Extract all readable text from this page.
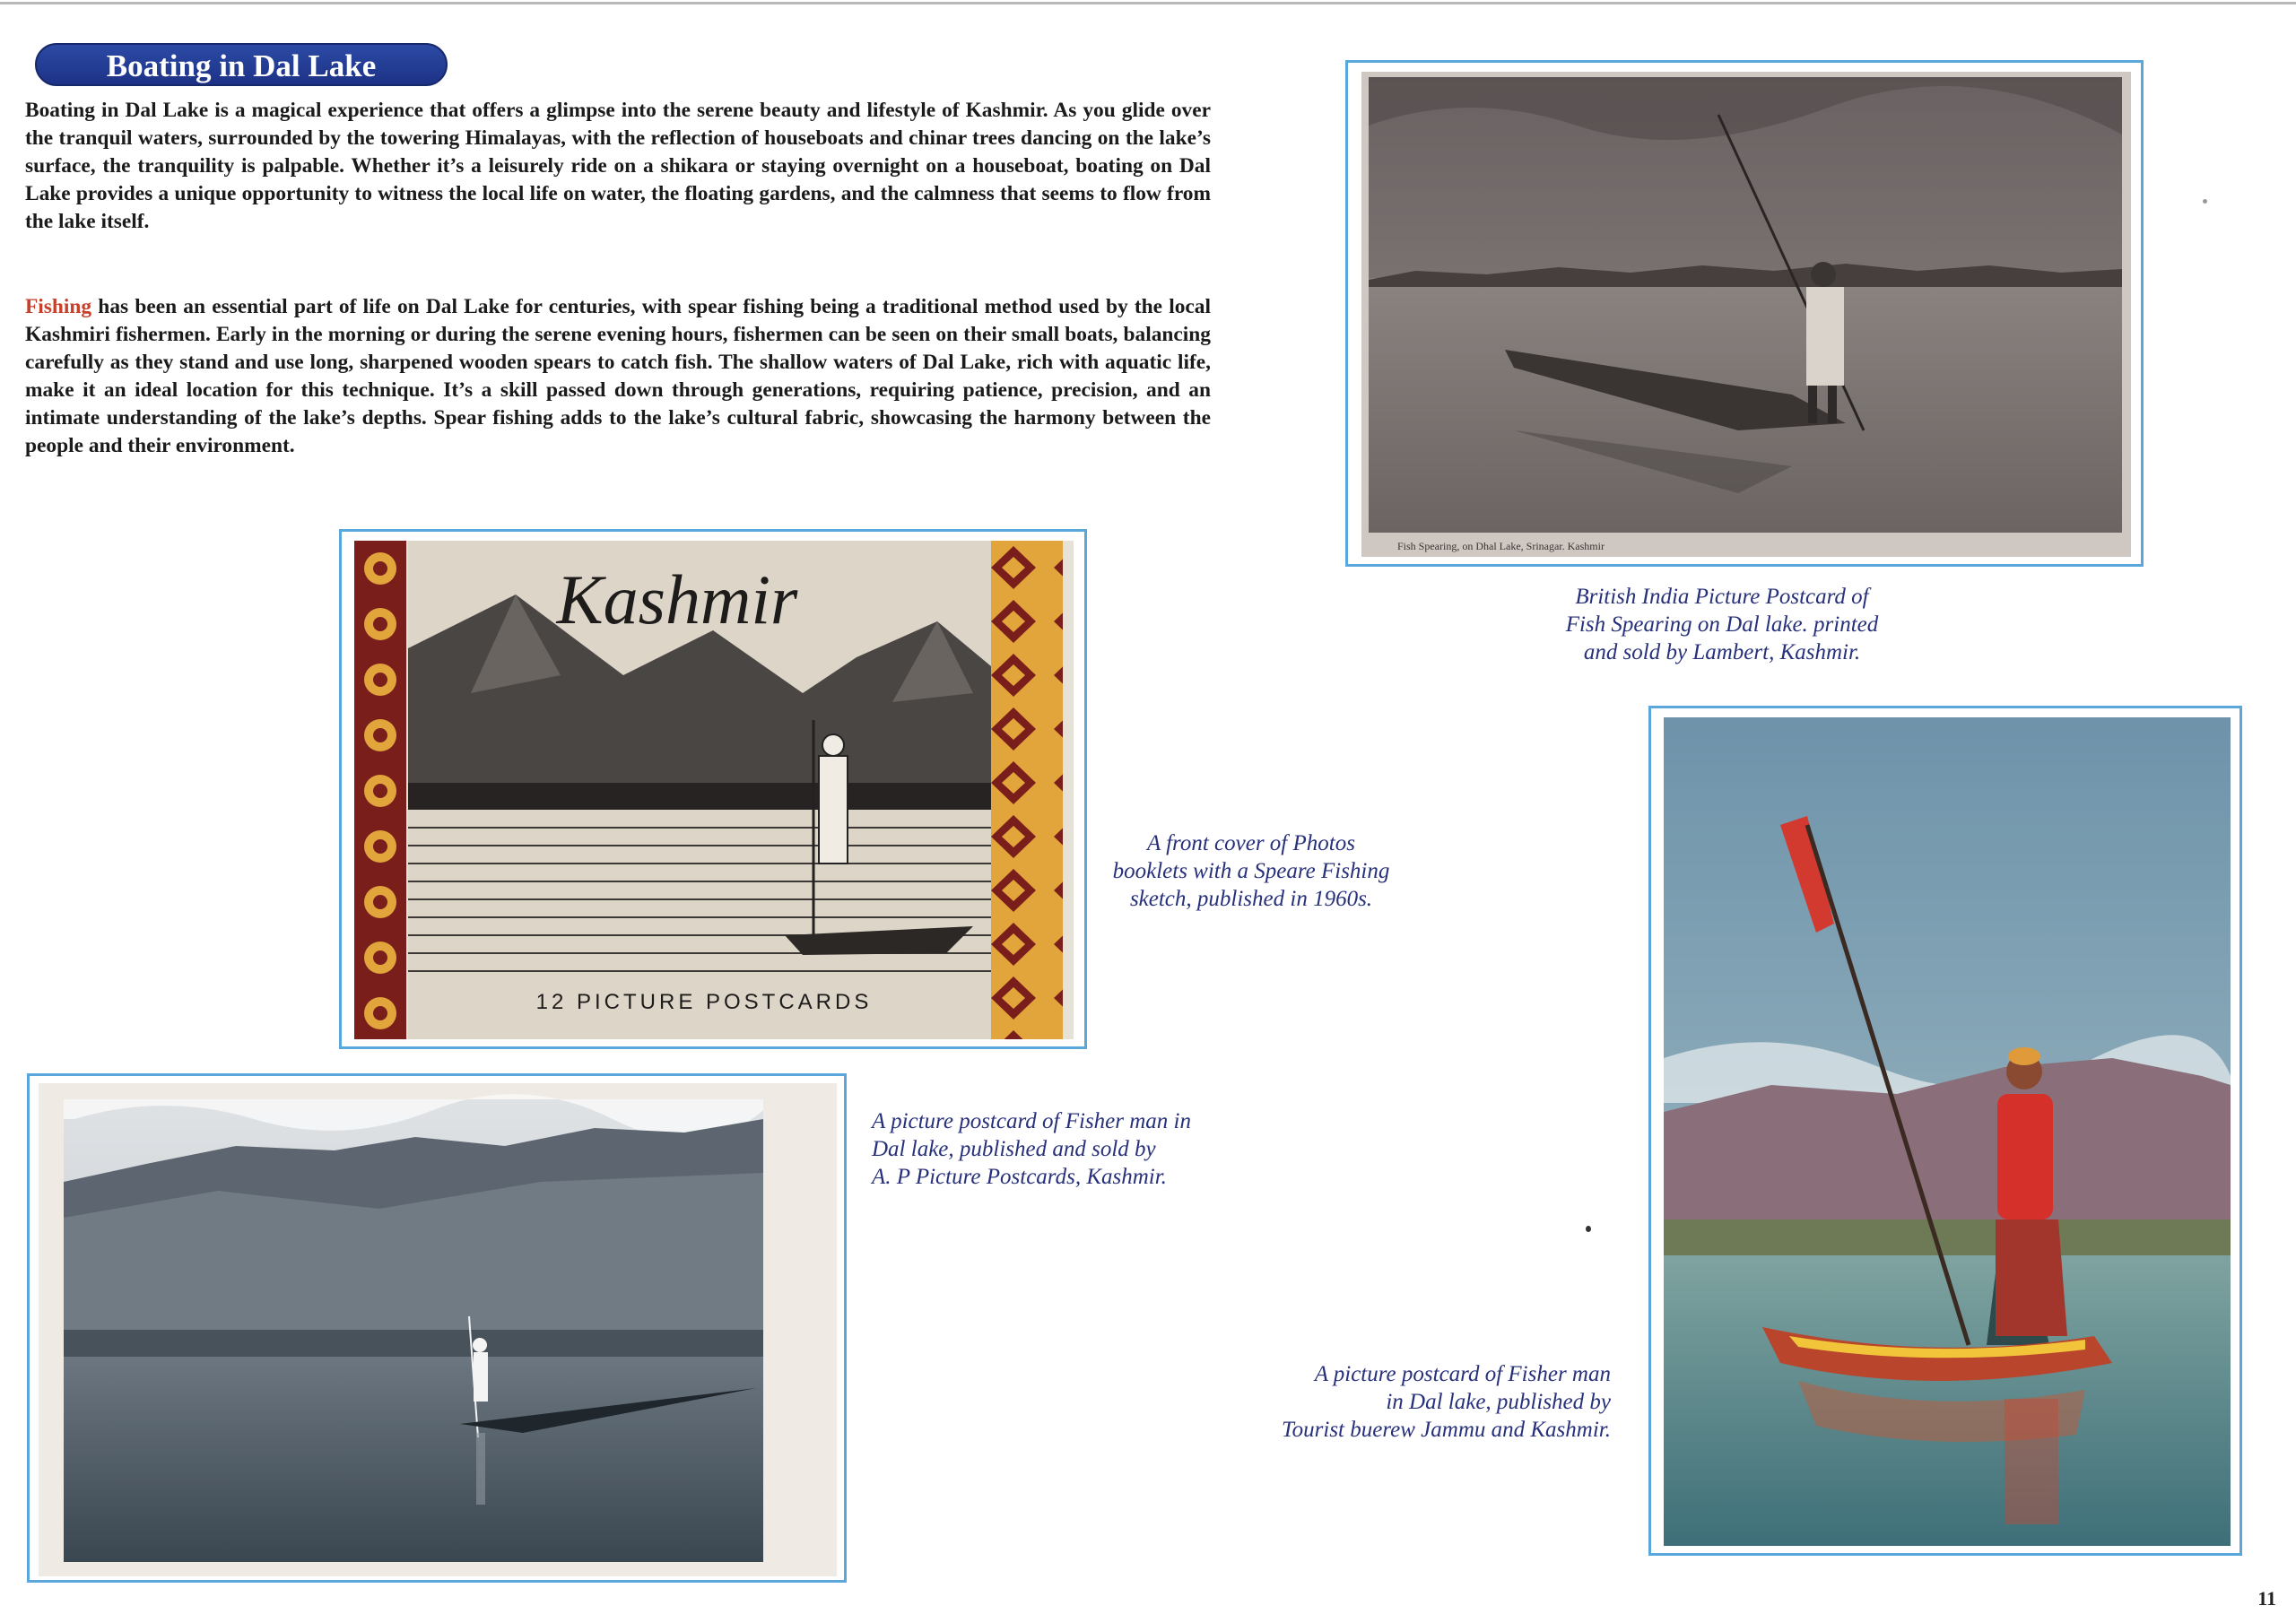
Boating in Dal Lake
Boating in Dal Lake is a magical experience that offers a glimpse into the serene beauty and lifestyle of Kashmir. As you glide over the tranquil waters, surrounded by the towering Himalayas, with the reflection of houseboats and chinar trees dancing on the lake’s surface, the tranquility is palpable. Whether it’s a leisurely ride on a shikara or staying overnight on a houseboat, boating on Dal Lake provides a unique opportunity to witness the local life on water, the floating gardens, and the calmness that seems to flow from the lake itself.
Fishing has been an essential part of life on Dal Lake for centuries, with spear fishing being a traditional method used by the local Kashmiri fishermen. Early in the morning or during the serene evening hours, fishermen can be seen on their small boats, balancing carefully as they stand and use long, sharpened wooden spears to catch fish. The shallow waters of Dal Lake, rich with aquatic life, make it an ideal location for this technique. It’s a skill passed down through generations, requiring patience, precision, and an intimate understanding of the lake’s depths. Spear fishing adds to the lake’s cultural fabric, showcasing the harmony between the people and their environment.
Fish Spearing, on Dhal Lake, Srinagar. Kashmir
British India Picture Postcard of
Fish Spearing on Dal lake. printed
and sold by Lambert, Kashmir.
Kashmir
12 PICTURE POSTCARDS
A front cover of Photos
booklets with a Speare Fishing
sketch, published in 1960s.
A picture postcard of Fisher man in
Dal lake, published and sold by
A. P Picture Postcards, Kashmir.
A picture postcard of Fisher man
in Dal lake, published by
Tourist buerew Jammu and Kashmir.
11
